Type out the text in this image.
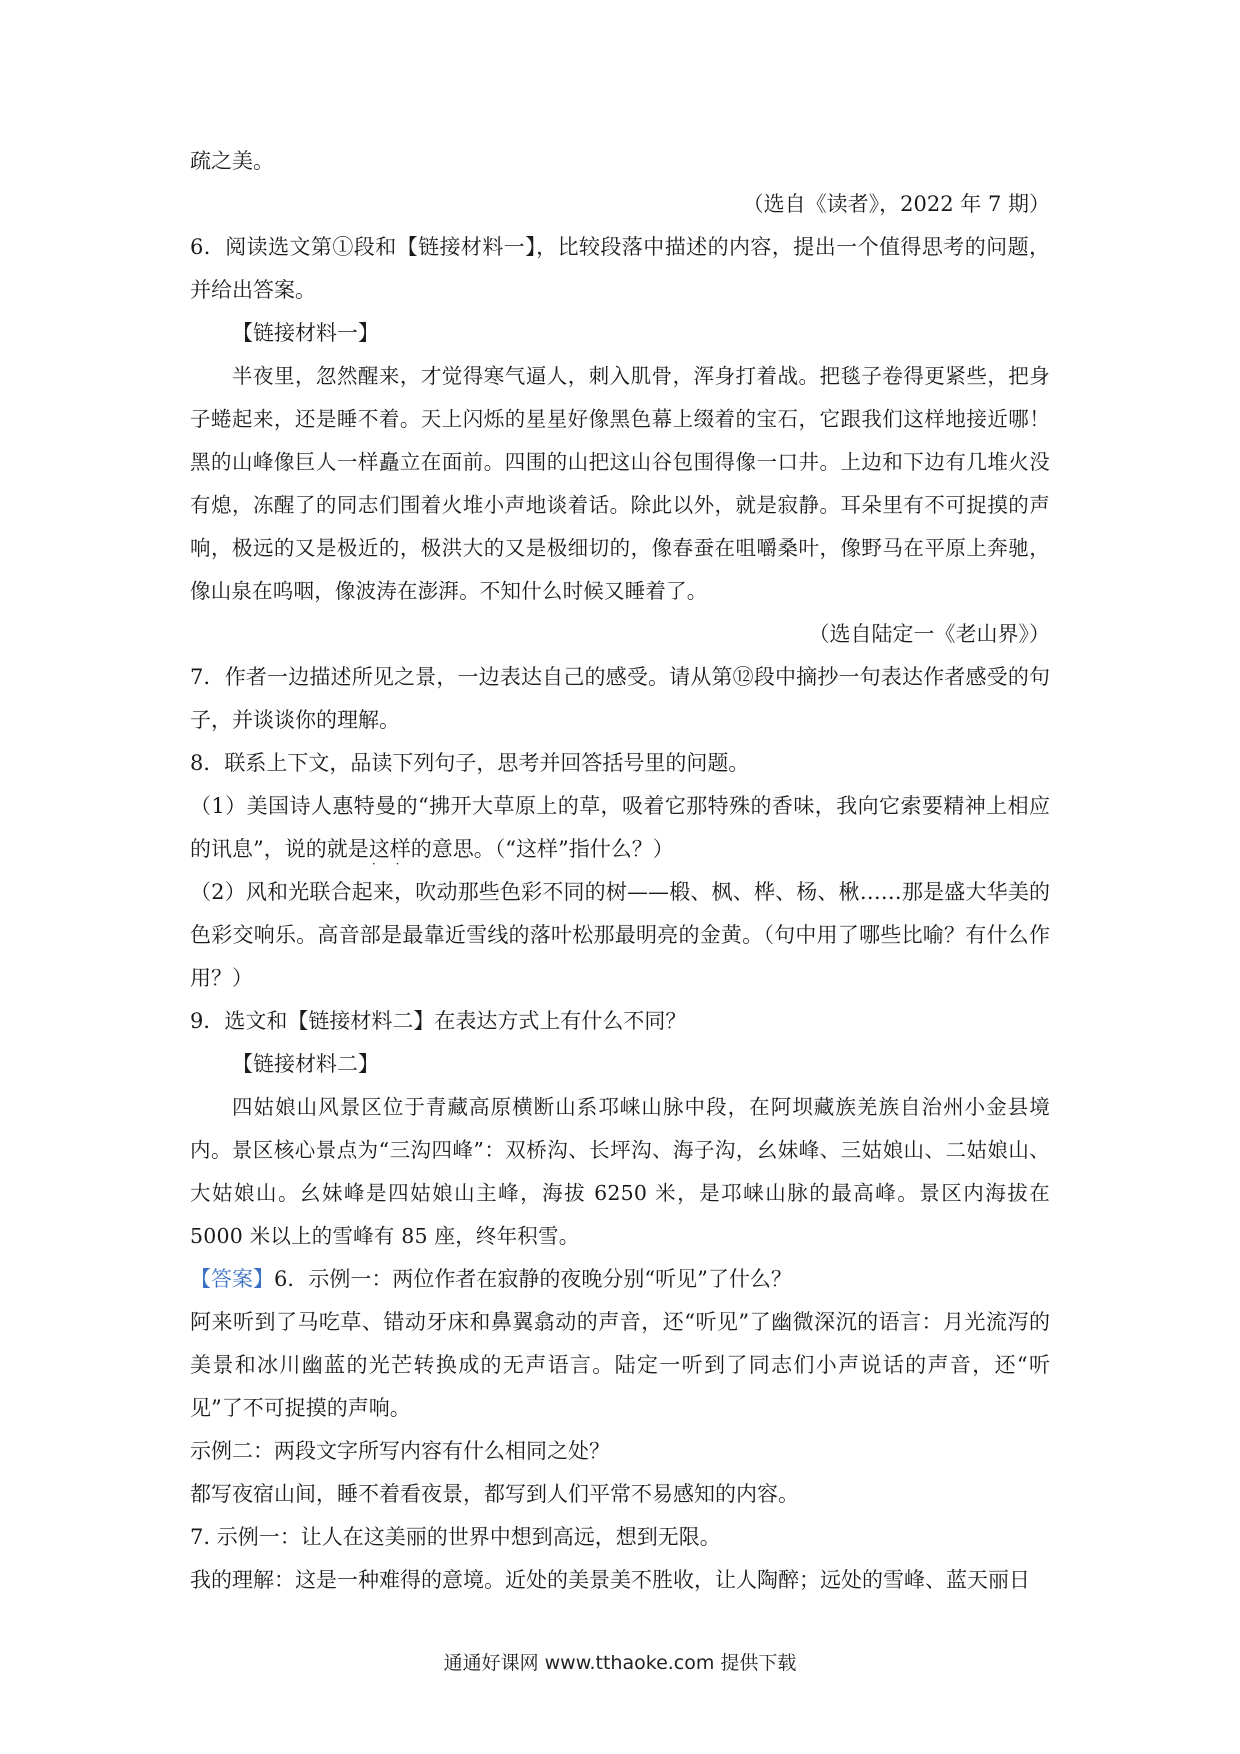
疏之美。
（选自《读者》，2022 年 7 期）
6．阅读选文第①段和【链接材料一】，比较段落中描述的内容，提出一个值得思考的问题，并给出答案。
【链接材料一】
半夜里，忽然醒来，才觉得寒气逼人，刺入肌骨，浑身打着战。把毯子卷得更紧些，把身子蜷起来，还是睡不着。天上闪烁的星星好像黑色幕上缀着的宝石，它跟我们这样地接近哪！黑的山峰像巨人一样矗立在面前。四围的山把这山谷包围得像一口井。上边和下边有几堆火没有熄，冻醒了的同志们围着火堆小声地谈着话。除此以外，就是寂静。耳朵里有不可捉摸的声响，极远的又是极近的，极洪大的又是极细切的，像春蚕在咀嚼桑叶，像野马在平原上奔驰，像山泉在呜咽，像波涛在澎湃。不知什么时候又睡着了。
（选自陆定一《老山界》）
7．作者一边描述所见之景，一边表达自己的感受。请从第⑫段中摘抄一句表达作者感受的句子，并谈谈你的理解。
8．联系上下文，品读下列句子，思考并回答括号里的问题。
（1）美国诗人惠特曼的“拂开大草原上的草，吸着它那特殊的香味，我向它索要精神上相应的讯息”，说的就是这样
· ·
的意思。（“这样”指什么？）
（2）风和光联合起来，吹动那些色彩不同的树——椴、枫、桦、杨、楸……那是盛大华美的色彩交响乐。高音部是最靠近雪线的落叶松那最明亮的金黄。（句中用了哪些比喻？有什么作用？）
9．选文和【链接材料二】在表达方式上有什么不同？
【链接材料二】
四姑娘山风景区位于青藏高原横断山系邛崃山脉中段，在阿坝藏族羌族自治州小金县境内。景区核心景点为“三沟四峰”：双桥沟、长坪沟、海子沟，幺妹峰、三姑娘山、二姑娘山、大姑娘山。幺妹峰是四姑娘山主峰，海拔 6250 米，是邛崃山脉的最高峰。景区内海拔在 5000 米以上的雪峰有 85 座，终年积雪。
【答案】6．示例一：两位作者在寂静的夜晚分别“听见”了什么？
阿来听到了马吃草、错动牙床和鼻翼翕动的声音，还“听见”了幽微深沉的语言：月光流泻的美景和冰川幽蓝的光芒转换成的无声语言。陆定一听到了同志们小声说话的声音，还“听见”了不可捉摸的声响。
示例二：两段文字所写内容有什么相同之处？
都写夜宿山间，睡不着看夜景，都写到人们平常不易感知的内容。
7. 示例一：让人在这美丽的世界中想到高远，想到无限。
我的理解：这是一种难得的意境。近处的美景美不胜收，让人陶醉；远处的雪峰、蓝天丽日
通通好课网 www.tthaoke.com 提供下载
